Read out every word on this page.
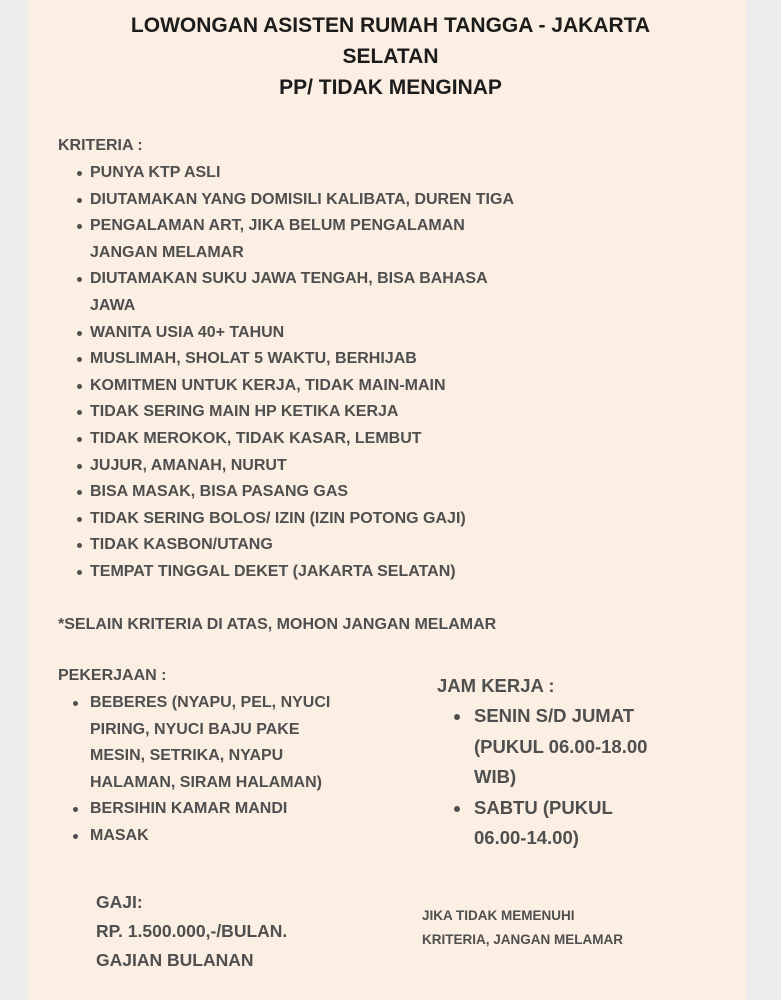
LOWONGAN ASISTEN RUMAH TANGGA - JAKARTA
SELATAN
PP/ TIDAK MENGINAP
KRITERIA :
PUNYA KTP ASLI
DIUTAMAKAN YANG DOMISILI KALIBATA, DUREN TIGA
PENGALAMAN ART, JIKA BELUM PENGALAMAN
JANGAN MELAMAR
DIUTAMAKAN SUKU JAWA TENGAH, BISA BAHASA
JAWA
WANITA USIA 40+ TAHUN
MUSLIMAH, SHOLAT 5 WAKTU, BERHIJAB
KOMITMEN UNTUK KERJA, TIDAK MAIN-MAIN
TIDAK SERING MAIN HP KETIKA KERJA
TIDAK MEROKOK, TIDAK KASAR, LEMBUT
JUJUR, AMANAH, NURUT
BISA MASAK, BISA PASANG GAS
TIDAK SERING BOLOS/ IZIN (IZIN POTONG GAJI)
TIDAK KASBON/UTANG
TEMPAT TINGGAL DEKET (JAKARTA SELATAN)
*SELAIN KRITERIA DI ATAS, MOHON JANGAN MELAMAR
PEKERJAAN :
BEBERES (NYAPU, PEL, NYUCI
PIRING, NYUCI BAJU PAKE
MESIN, SETRIKA, NYAPU
HALAMAN, SIRAM HALAMAN)
BERSIHIN KAMAR MANDI
MASAK
JAM KERJA :
SENIN S/D JUMAT
(PUKUL 06.00-18.00
WIB)
SABTU (PUKUL
06.00-14.00)
GAJI:
RP. 1.500.000,-/BULAN.
GAJIAN BULANAN
JIKA TIDAK MEMENUHI
KRITERIA, JANGAN MELAMAR
